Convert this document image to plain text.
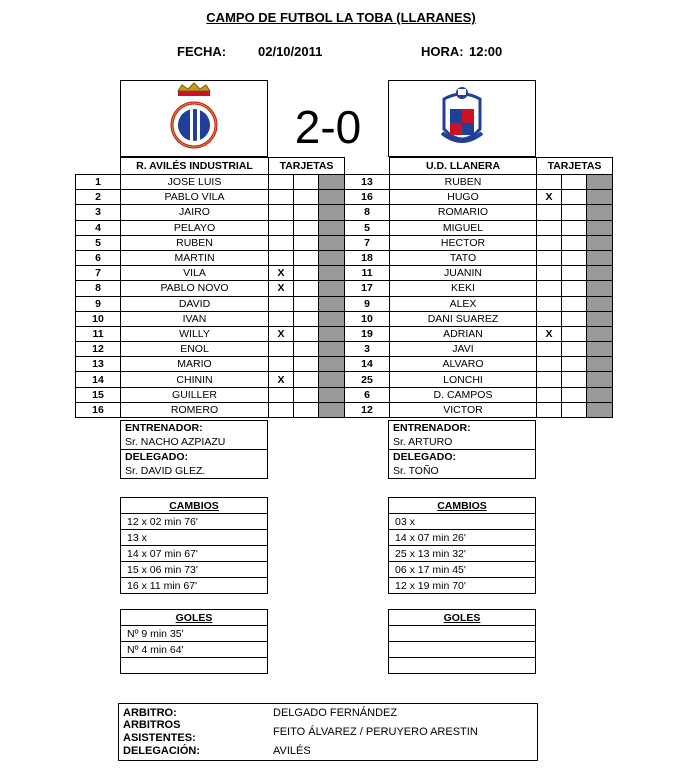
CAMPO DE FUTBOL LA TOBA (LLARANES)
FECHA: 02/10/2011	HORA: 12:00
2-0
	R. AVILÉS INDUSTRIAL	TARJETAS		
1	JOSE LUIS			
2	PABLO VILA			
3	JAIRO			
4	PELAYO			
5	RUBEN			
6	MARTIN			
7	VILA	X		
8	PABLO NOVO	X		
9	DAVID			
10	IVAN			
11	WILLY	X		
12	ENOL			
13	MARIO			
14	CHININ	X		
15	GUILLER			
16	ROMERO			
	U.D. LLANERA	TARJETAS		
13	RUBEN			
16	HUGO	X		
8	ROMARIO			
5	MIGUEL			
7	HECTOR			
18	TATO			
11	JUANIN			
17	KEKI			
9	ALEX			
10	DANI SUAREZ			
19	ADRIAN	X		
3	JAVI			
14	ALVARO			
25	LONCHI			
6	D. CAMPOS			
12	VICTOR			
ENTRENADOR:
Sr. NACHO AZPIAZU
DELEGADO:
Sr. DAVID GLEZ.
ENTRENADOR:
Sr. ARTURO
DELEGADO:
Sr. TOÑO
CAMBIOS
12 x 02 min 76'
13 x
14 x 07 min 67'
15 x 06 min 73'
16 x 11 min 67'
CAMBIOS
03 x
14 x 07 min 26'
25 x 13 min 32'
06 x 17 min 45'
12 x 19 min 70'
GOLES
Nº 9 min 35'
Nº 4 min 64'

GOLES

ARBITRO:	DELGADO FERNÁNDEZ
ARBITROS
ASISTENTES:	FEITO ÁLVAREZ / PERUYERO ARESTIN
DELEGACIÓN:	AVILÉS
